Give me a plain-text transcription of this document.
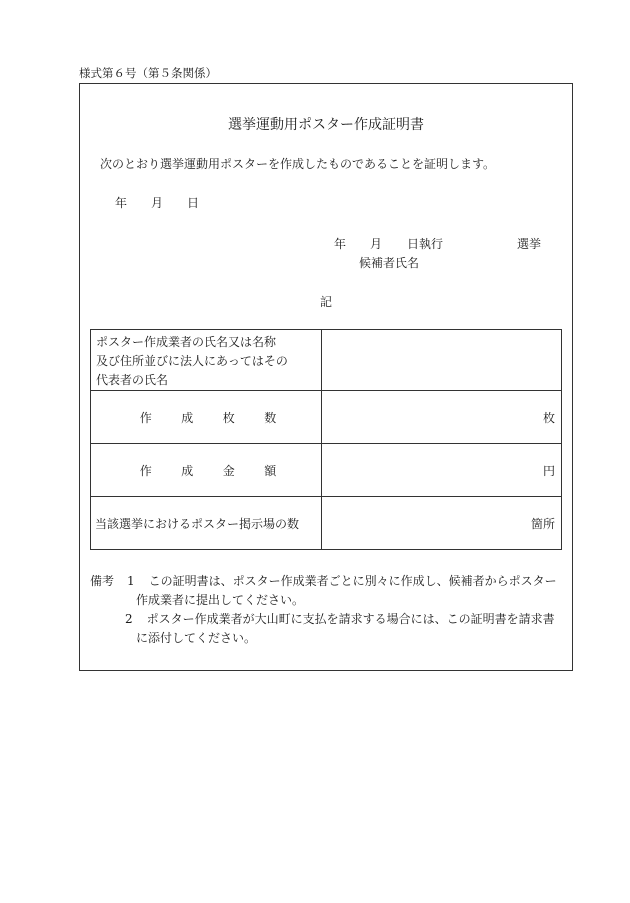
様式第６号（第５条関係）
選挙運動用ポスター作成証明書
次のとおり選挙運動用ポスターを作成したものであることを証明します。
年 月 日
年 月 日執行	選挙
候補者氏名
記
ポスター作成業者の氏名又は名称
及び住所並びに法人にあってはその
代表者の氏名	

作 成 枚 数	枚

作 成 金 額	円
当該選挙におけるポスター掲示場の数	箇所
備考 1 この証明書は、ポスター作成業者ごとに別々に作成し、候補者からポスター
作成業者に提出してください。
2 ポスター作成業者が大山町に支払を請求する場合には、この証明書を請求書
に添付してください。
